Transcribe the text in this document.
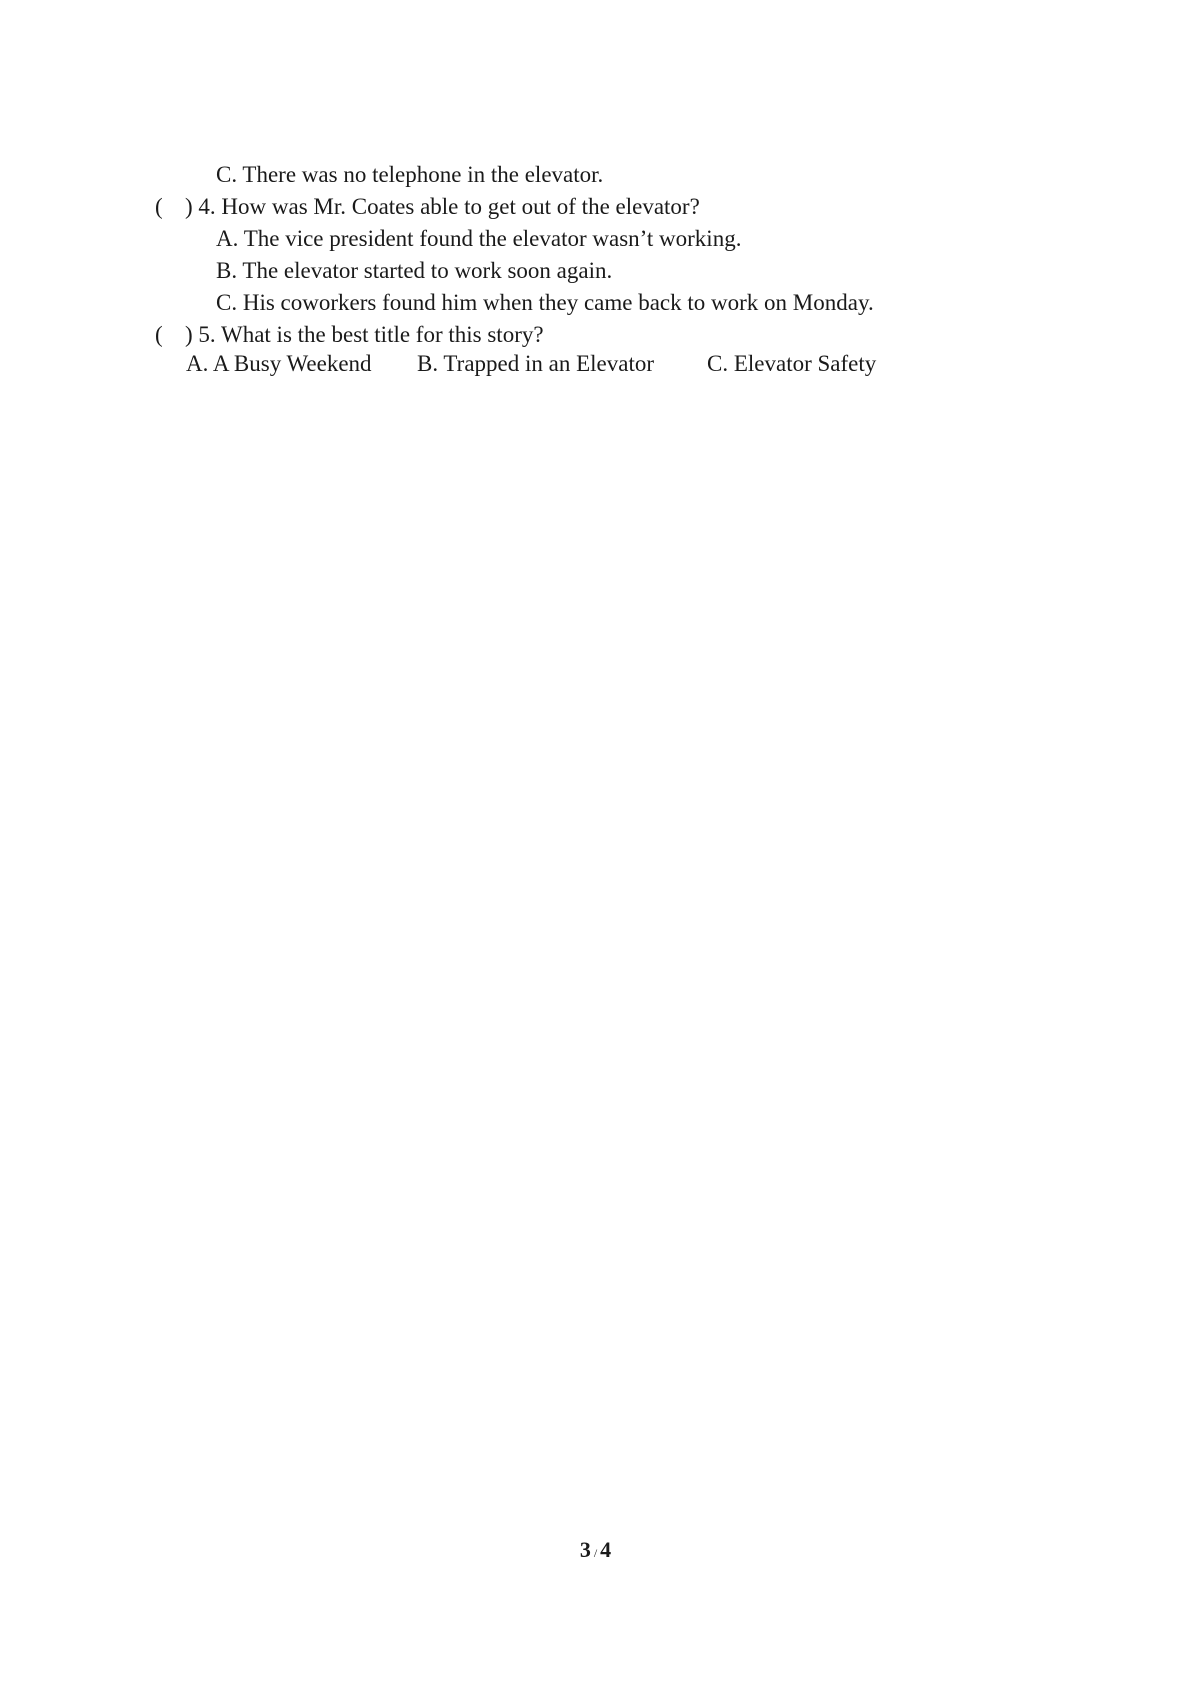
C. There was no telephone in the elevator.
( ) 4. How was Mr. Coates able to get out of the elevator?
A. The vice president found the elevator wasn’t working.
B. The elevator started to work soon again.
C. His coworkers found him when they came back to work on Monday.
( ) 5. What is the best title for this story?
A. A Busy Weekend B. Trapped in an Elevator C. Elevator Safety
3 / 4
